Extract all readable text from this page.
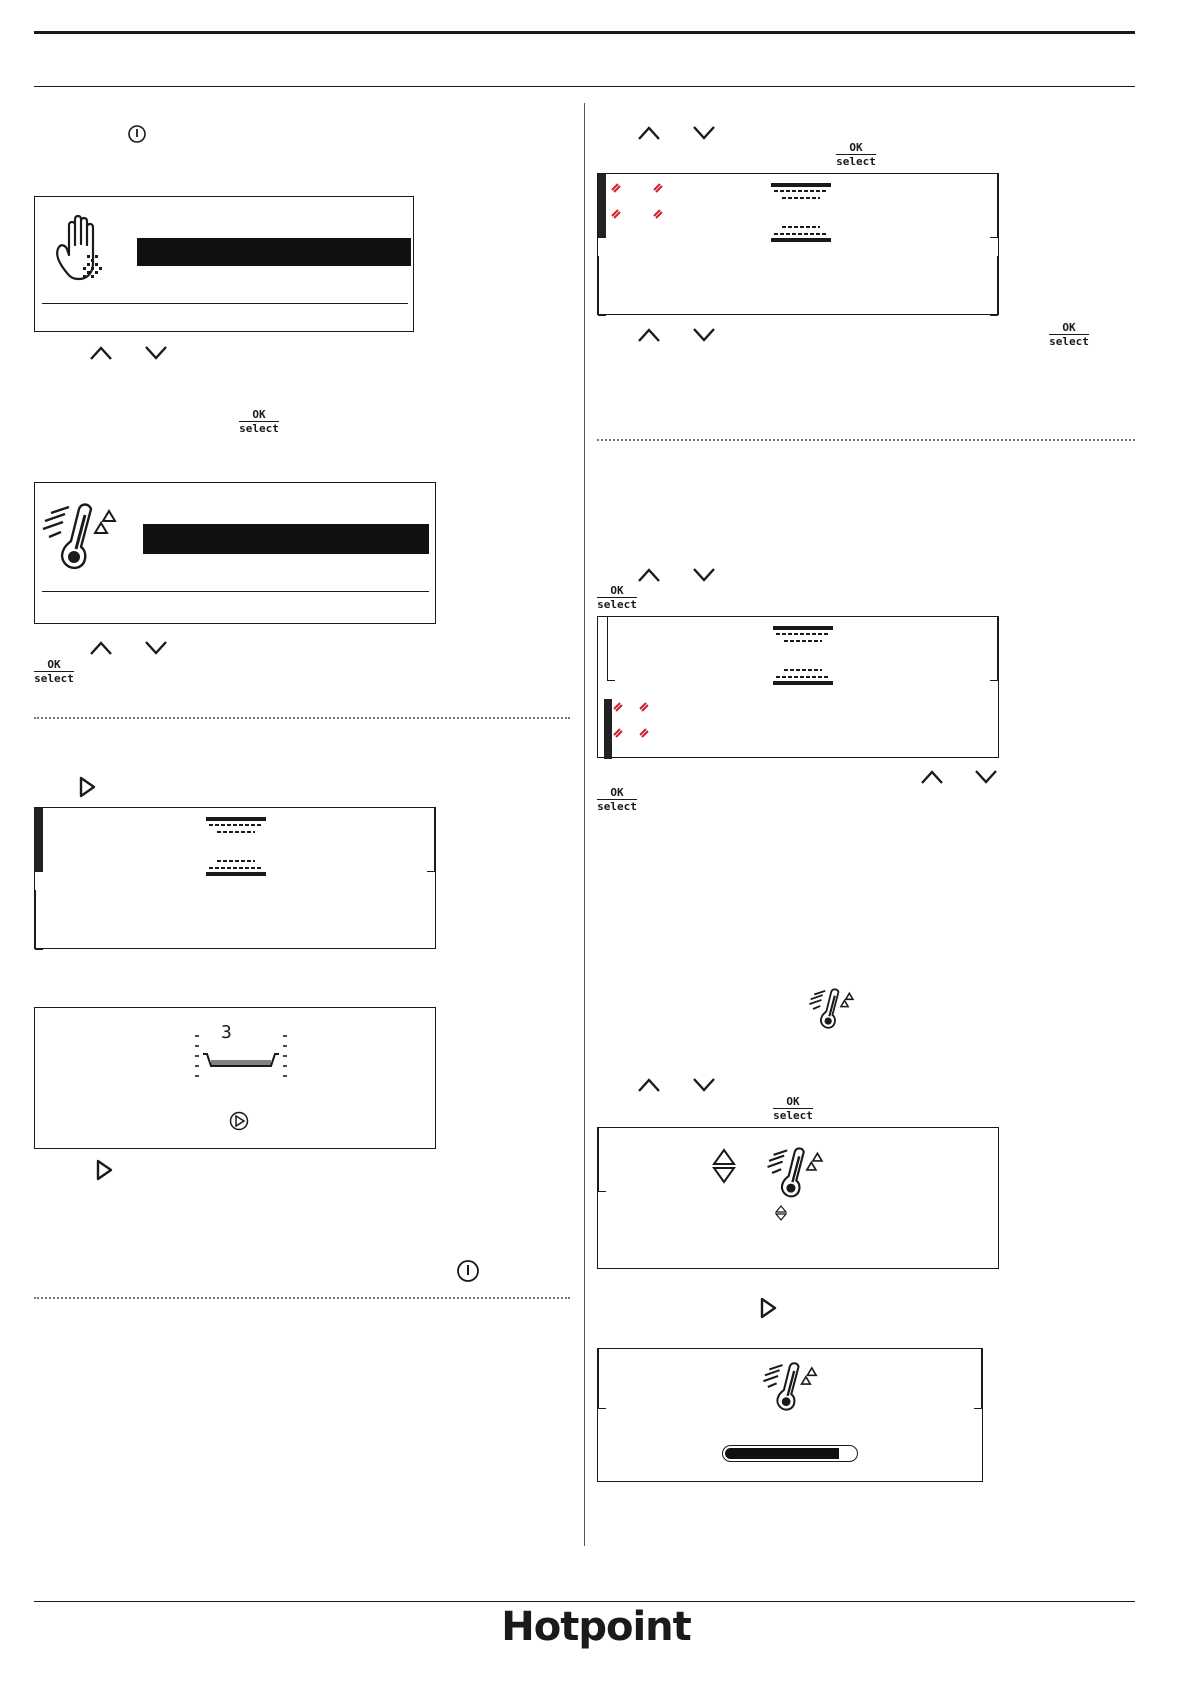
OK
select
OK
select
3
OK
select
OK
select
OK
select
OK
select
OK
select
Hotpoint
